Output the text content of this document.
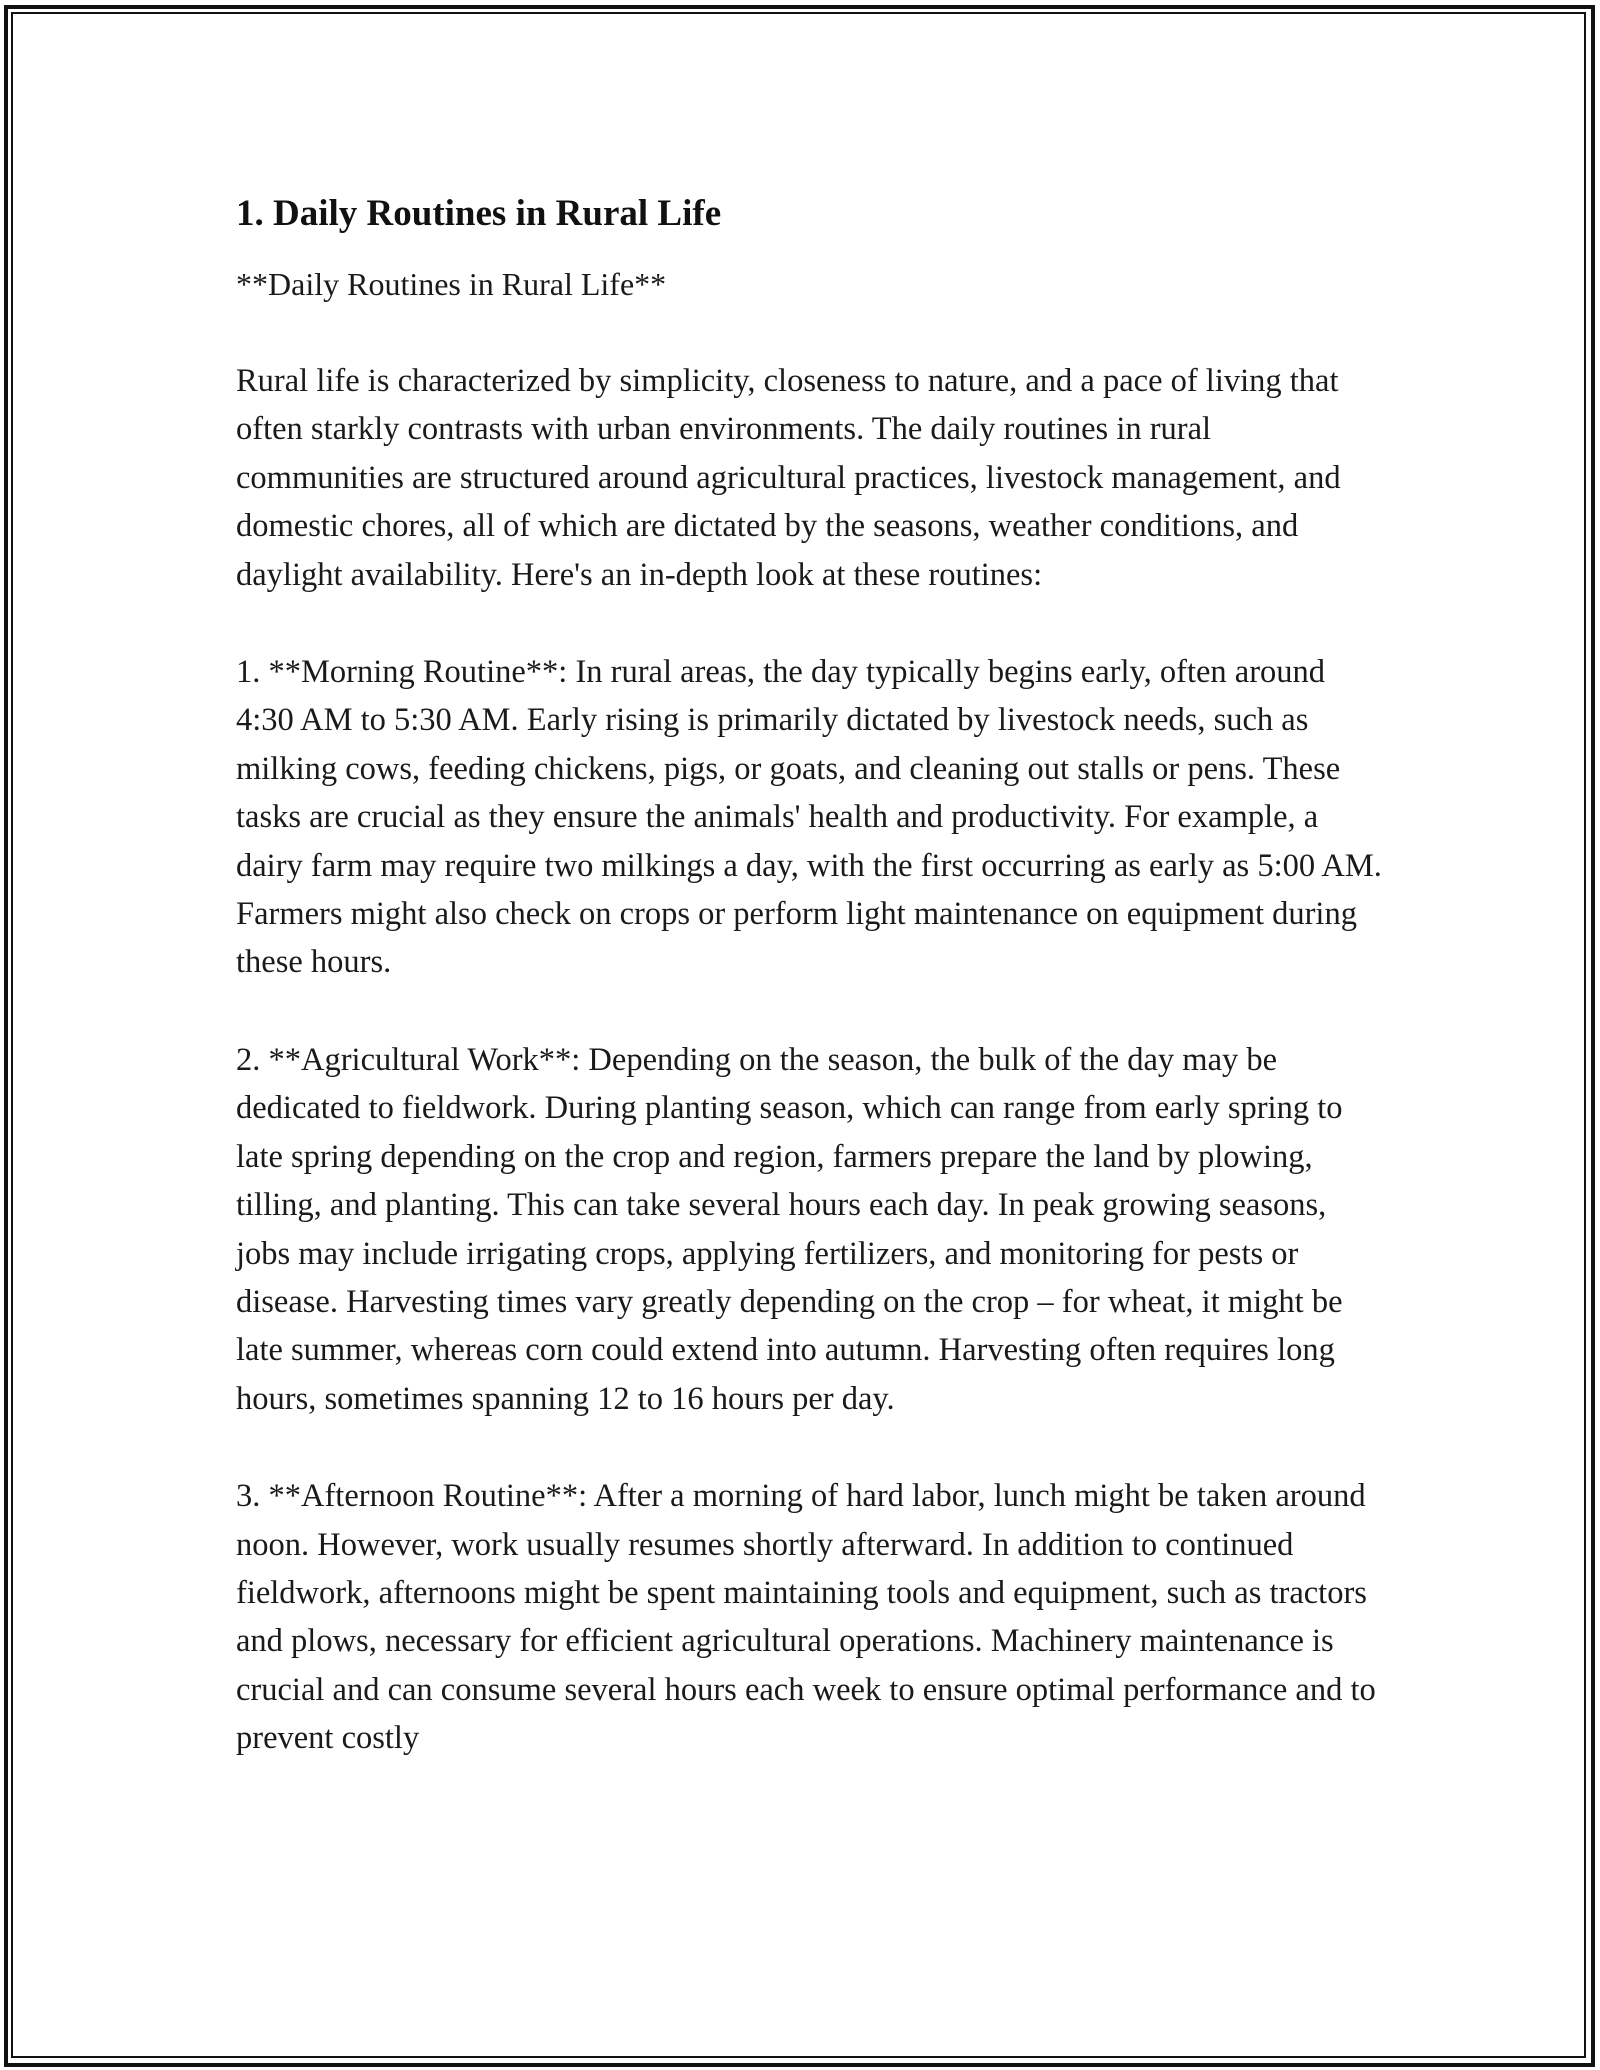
1. Daily Routines in Rural Life

**Daily Routines in Rural Life**

Rural life is characterized by simplicity, closeness to nature, and a pace of living that often starkly contrasts with urban environments. The daily routines in rural communities are structured around agricultural practices, livestock management, and domestic chores, all of which are dictated by the seasons, weather conditions, and daylight availability. Here's an in-depth look at these routines:

1. **Morning Routine**: In rural areas, the day typically begins early, often around 4:30 AM to 5:30 AM. Early rising is primarily dictated by livestock needs, such as milking cows, feeding chickens, pigs, or goats, and cleaning out stalls or pens. These tasks are crucial as they ensure the animals' health and productivity. For example, a dairy farm may require two milkings a day, with the first occurring as early as 5:00 AM. Farmers might also check on crops or perform light maintenance on equipment during these hours.

2. **Agricultural Work**: Depending on the season, the bulk of the day may be dedicated to fieldwork. During planting season, which can range from early spring to late spring depending on the crop and region, farmers prepare the land by plowing, tilling, and planting. This can take several hours each day. In peak growing seasons, jobs may include irrigating crops, applying fertilizers, and monitoring for pests or disease. Harvesting times vary greatly depending on the crop – for wheat, it might be late summer, whereas corn could extend into autumn. Harvesting often requires long hours, sometimes spanning 12 to 16 hours per day.

3. **Afternoon Routine**: After a morning of hard labor, lunch might be taken around noon. However, work usually resumes shortly afterward. In addition to continued fieldwork, afternoons might be spent maintaining tools and equipment, such as tractors and plows, necessary for efficient agricultural operations. Machinery maintenance is crucial and can consume several hours each week to ensure optimal performance and to prevent costly
